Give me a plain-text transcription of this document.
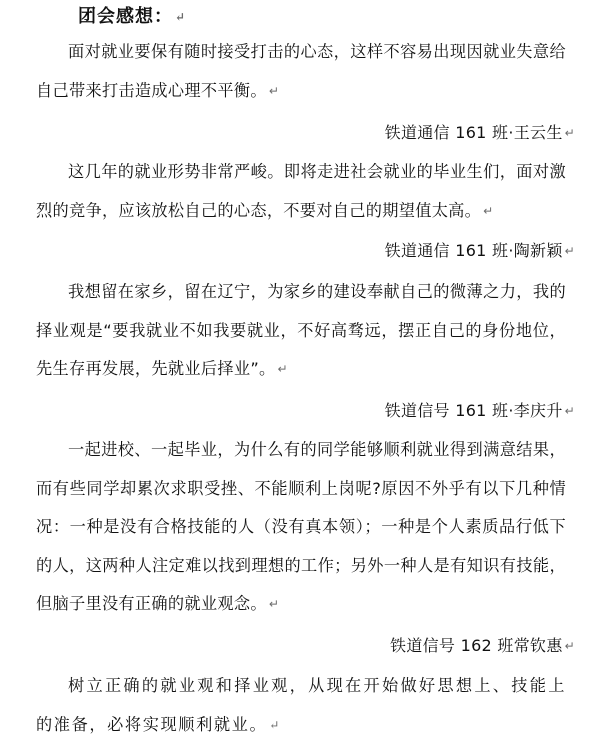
团会感想： ↵
面对就业要保有随时接受打击的心态，这样不容易出现因就业失意给自己带来打击造成心理不平衡。 ↵
铁道通信 161 班·王云生 ↵
这几年的就业形势非常严峻。即将走进社会就业的毕业生们，面对激烈的竞争，应该放松自己的心态，不要对自己的期望值太高。 ↵
铁道通信 161 班·陶新颖 ↵
我想留在家乡，留在辽宁，为家乡的建设奉献自己的微薄之力，我的择业观是“要我就业不如我要就业，不好高骛远，摆正自己的身份地位，先生存再发展，先就业后择业”。 ↵
铁道信号 161 班·李庆升 ↵
一起进校、一起毕业，为什么有的同学能够顺利就业得到满意结果，而有些同学却累次求职受挫、不能顺利上岗呢?原因不外乎有以下几种情况：一种是没有合格技能的人（没有真本领）；一种是个人素质品行低下的人，这两种人注定难以找到理想的工作；另外一种人是有知识有技能，但脑子里没有正确的就业观念。 ↵
铁道信号 162 班常钦惠 ↵
树立正确的就业观和择业观，从现在开始做好思想上、技能上的准备，必将实现顺利就业。 ↵
